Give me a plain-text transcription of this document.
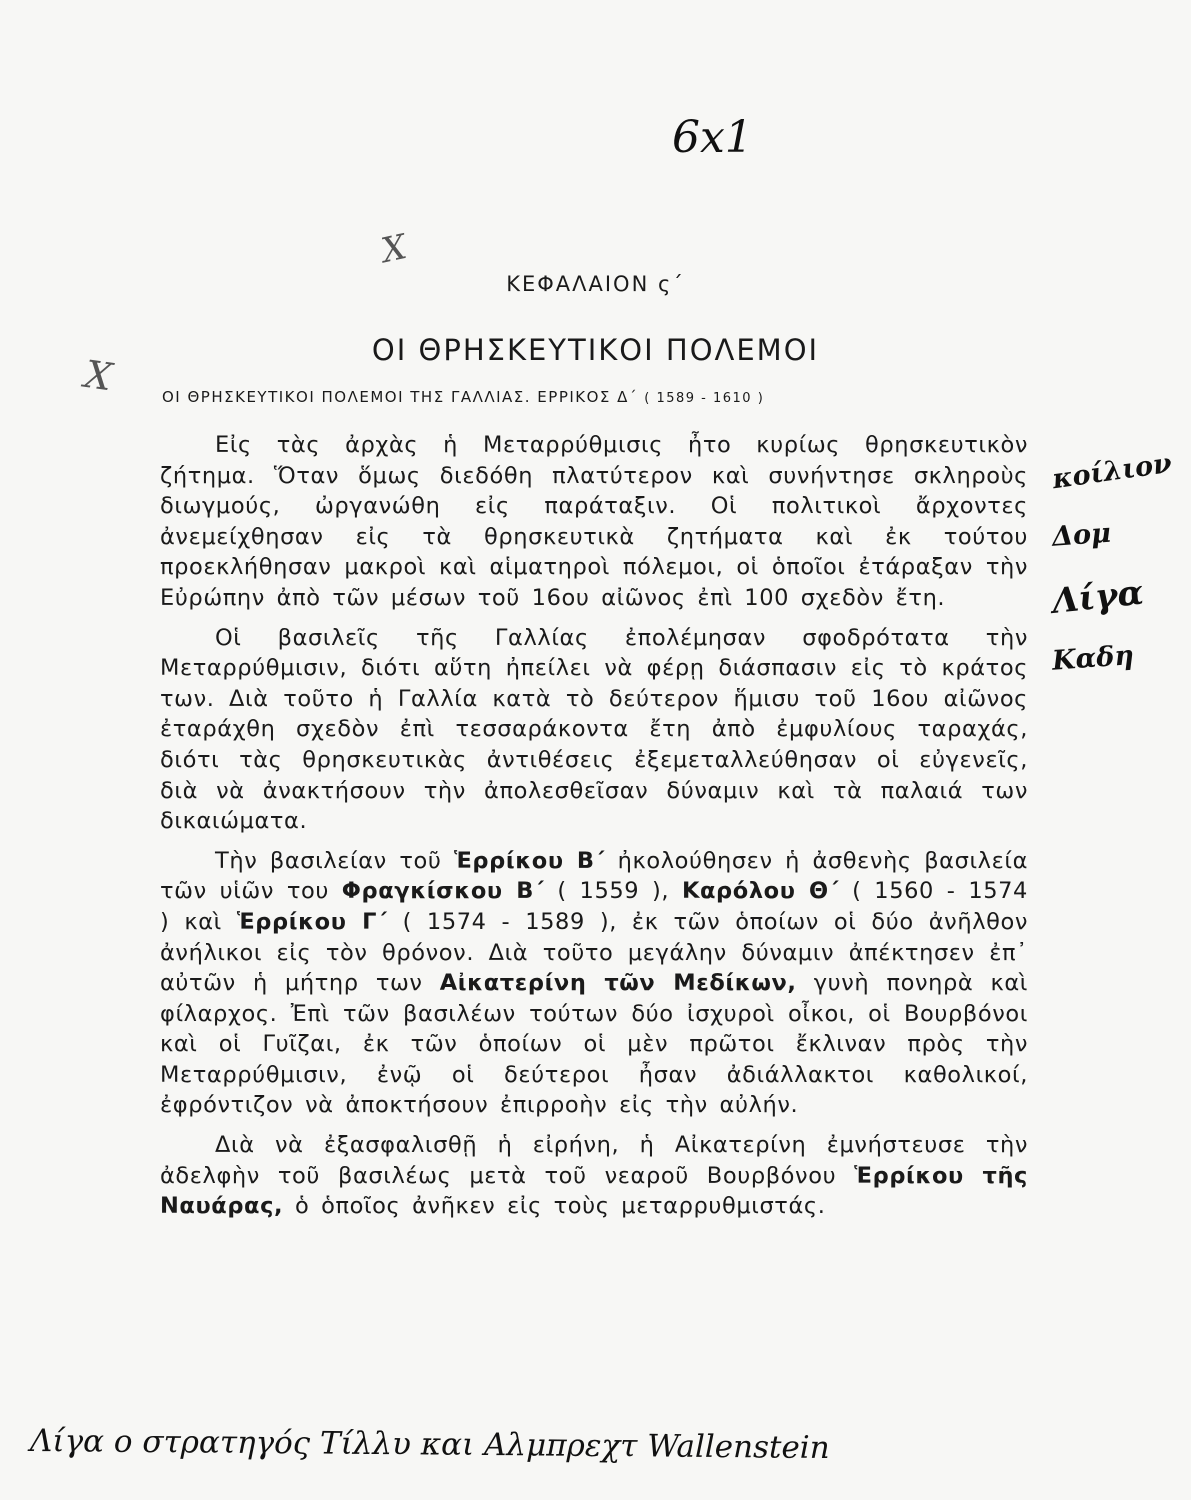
6x1
X
X
κοίλιον
Δομ
Λίγα
Καδη
ΚΕΦΑΛΑΙΟΝ ς΄
ΟΙ ΘΡΗΣΚΕΥΤΙΚΟΙ ΠΟΛΕΜΟΙ
ΟΙ ΘΡΗΣΚΕΥΤΙΚΟΙ ΠΟΛΕΜΟΙ ΤΗΣ ΓΑΛΛΙΑΣ. ΕΡΡΙΚΟΣ Δ΄ ( 1589 - 1610 )

Εἰς τὰς ἀρχὰς ἡ Μεταρρύθμισις ἦτο κυρίως θρησκευτικὸν ζήτημα. Ὅταν ὅμως διεδόθη πλατύτερον καὶ συνήντησε σκληροὺς διωγμούς, ὠργανώθη εἰς παράταξιν. Οἱ πολιτικοὶ ἄρχοντες ἀνεμείχθησαν εἰς τὰ θρησκευτικὰ ζητήματα καὶ ἐκ τούτου προεκλήθησαν μακροὶ καὶ αἱματηροὶ πόλεμοι, οἱ ὁποῖοι ἐτάραξαν τὴν Εὐρώπην ἀπὸ τῶν μέσων τοῦ 16ου αἰῶνος ἐπὶ 100 σχεδὸν ἔτη.

Οἱ βασιλεῖς τῆς Γαλλίας ἐπολέμησαν σφοδρότατα τὴν Μεταρρύθμισιν, διότι αὕτη ἠπείλει νὰ φέρῃ διάσπασιν εἰς τὸ κράτος των. Διὰ τοῦτο ἡ Γαλλία κατὰ τὸ δεύτερον ἥμισυ τοῦ 16ου αἰῶνος ἐταράχθη σχεδὸν ἐπὶ τεσσαράκοντα ἔτη ἀπὸ ἐμφυλίους ταραχάς, διότι τὰς θρησκευτικὰς ἀντιθέσεις ἐξεμεταλλεύθησαν οἱ εὐγενεῖς, διὰ νὰ ἀνακτήσουν τὴν ἀπολεσθεῖσαν δύναμιν καὶ τὰ παλαιά των δικαιώματα.

Τὴν βασιλείαν τοῦ Ἑρρίκου Β΄ ἠκολούθησεν ἡ ἀσθενὴς βασιλεία τῶν υἱῶν του Φραγκίσκου Β΄ ( 1559 ), Καρόλου Θ΄ ( 1560 - 1574 ) καὶ Ἑρρίκου Γ΄ ( 1574 - 1589 ), ἐκ τῶν ὁποίων οἱ δύο ἀνῆλθον ἀνήλικοι εἰς τὸν θρόνον. Διὰ τοῦτο μεγάλην δύναμιν ἀπέκτησεν ἐπ᾽ αὐτῶν ἡ μήτηρ των Αἰκατερίνη τῶν Μεδίκων, γυνὴ πονηρὰ καὶ φίλαρχος. Ἐπὶ τῶν βασιλέων τούτων δύο ἰσχυροὶ οἶκοι, οἱ Βουρβόνοι καὶ οἱ Γυῖζαι, ἐκ τῶν ὁποίων οἱ μὲν πρῶτοι ἔκλιναν πρὸς τὴν Μεταρρύθμισιν, ἐνῷ οἱ δεύτεροι ἦσαν ἀδιάλλακτοι καθολικοί, ἐφρόντιζον νὰ ἀποκτήσουν ἐπιρροὴν εἰς τὴν αὐλήν.

Διὰ νὰ ἐξασφαλισθῇ ἡ εἰρήνη, ἡ Αἰκατερίνη ἐμνήστευσε τὴν ἀδελφὴν τοῦ βασιλέως μετὰ τοῦ νεαροῦ Βουρβόνου Ἑρρίκου τῆς Ναυάρας, ὁ ὁποῖος ἀνῆκεν εἰς τοὺς μεταρρυθμιστάς.

Λίγα ο στρατηγός Τίλλυ και Αλμπρεχτ Wallenstein
